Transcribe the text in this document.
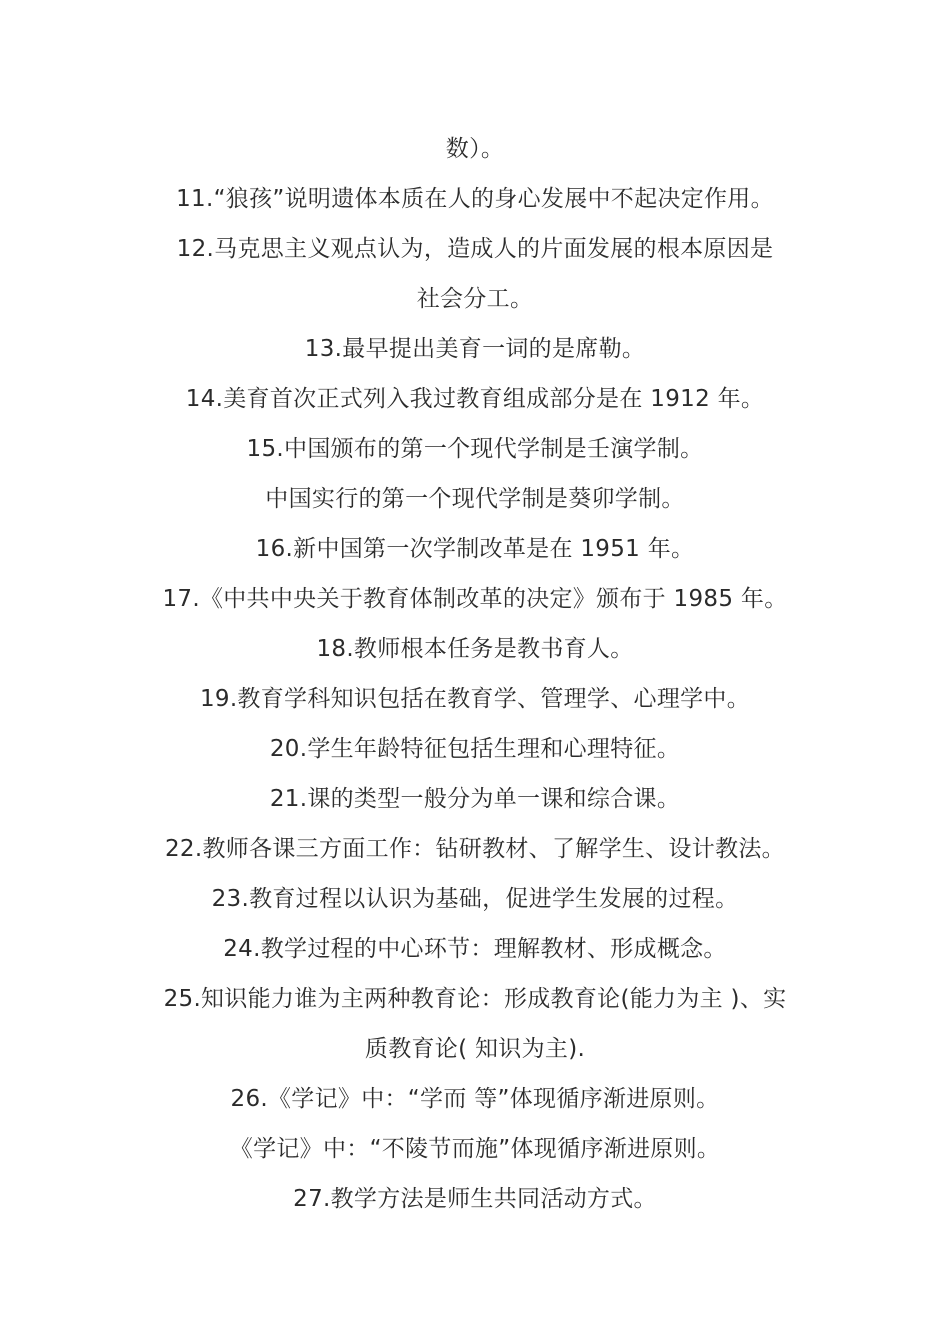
数）。
11.“狼孩”说明遗体本质在人的身心发展中不起决定作用。
12.马克思主义观点认为，造成人的片面发展的根本原因是
社会分工。
13.最早提出美育一词的是席勒。
14.美育首次正式列入我过教育组成部分是在 1912 年。
15.中国颁布的第一个现代学制是壬演学制。
中国实行的第一个现代学制是葵卯学制。
16.新中国第一次学制改革是在 1951 年。
17.《中共中央关于教育体制改革的决定》颁布于 1985 年。
18.教师根本任务是教书育人。
19.教育学科知识包括在教育学、管理学、心理学中。
20.学生年龄特征包括生理和心理特征。
21.课的类型一般分为单一课和综合课。
22.教师各课三方面工作：钻研教材、了解学生、设计教法。
23.教育过程以认识为基础，促进学生发展的过程。
24.教学过程的中心环节：理解教材、形成概念。
25.知识能力谁为主两种教育论：形成教育论(能力为主 )、实
质教育论( 知识为主).
26.《学记》中：“学而 等”体现循序渐进原则。
《学记》中：“不陵节而施”体现循序渐进原则。
27.教学方法是师生共同活动方式。
